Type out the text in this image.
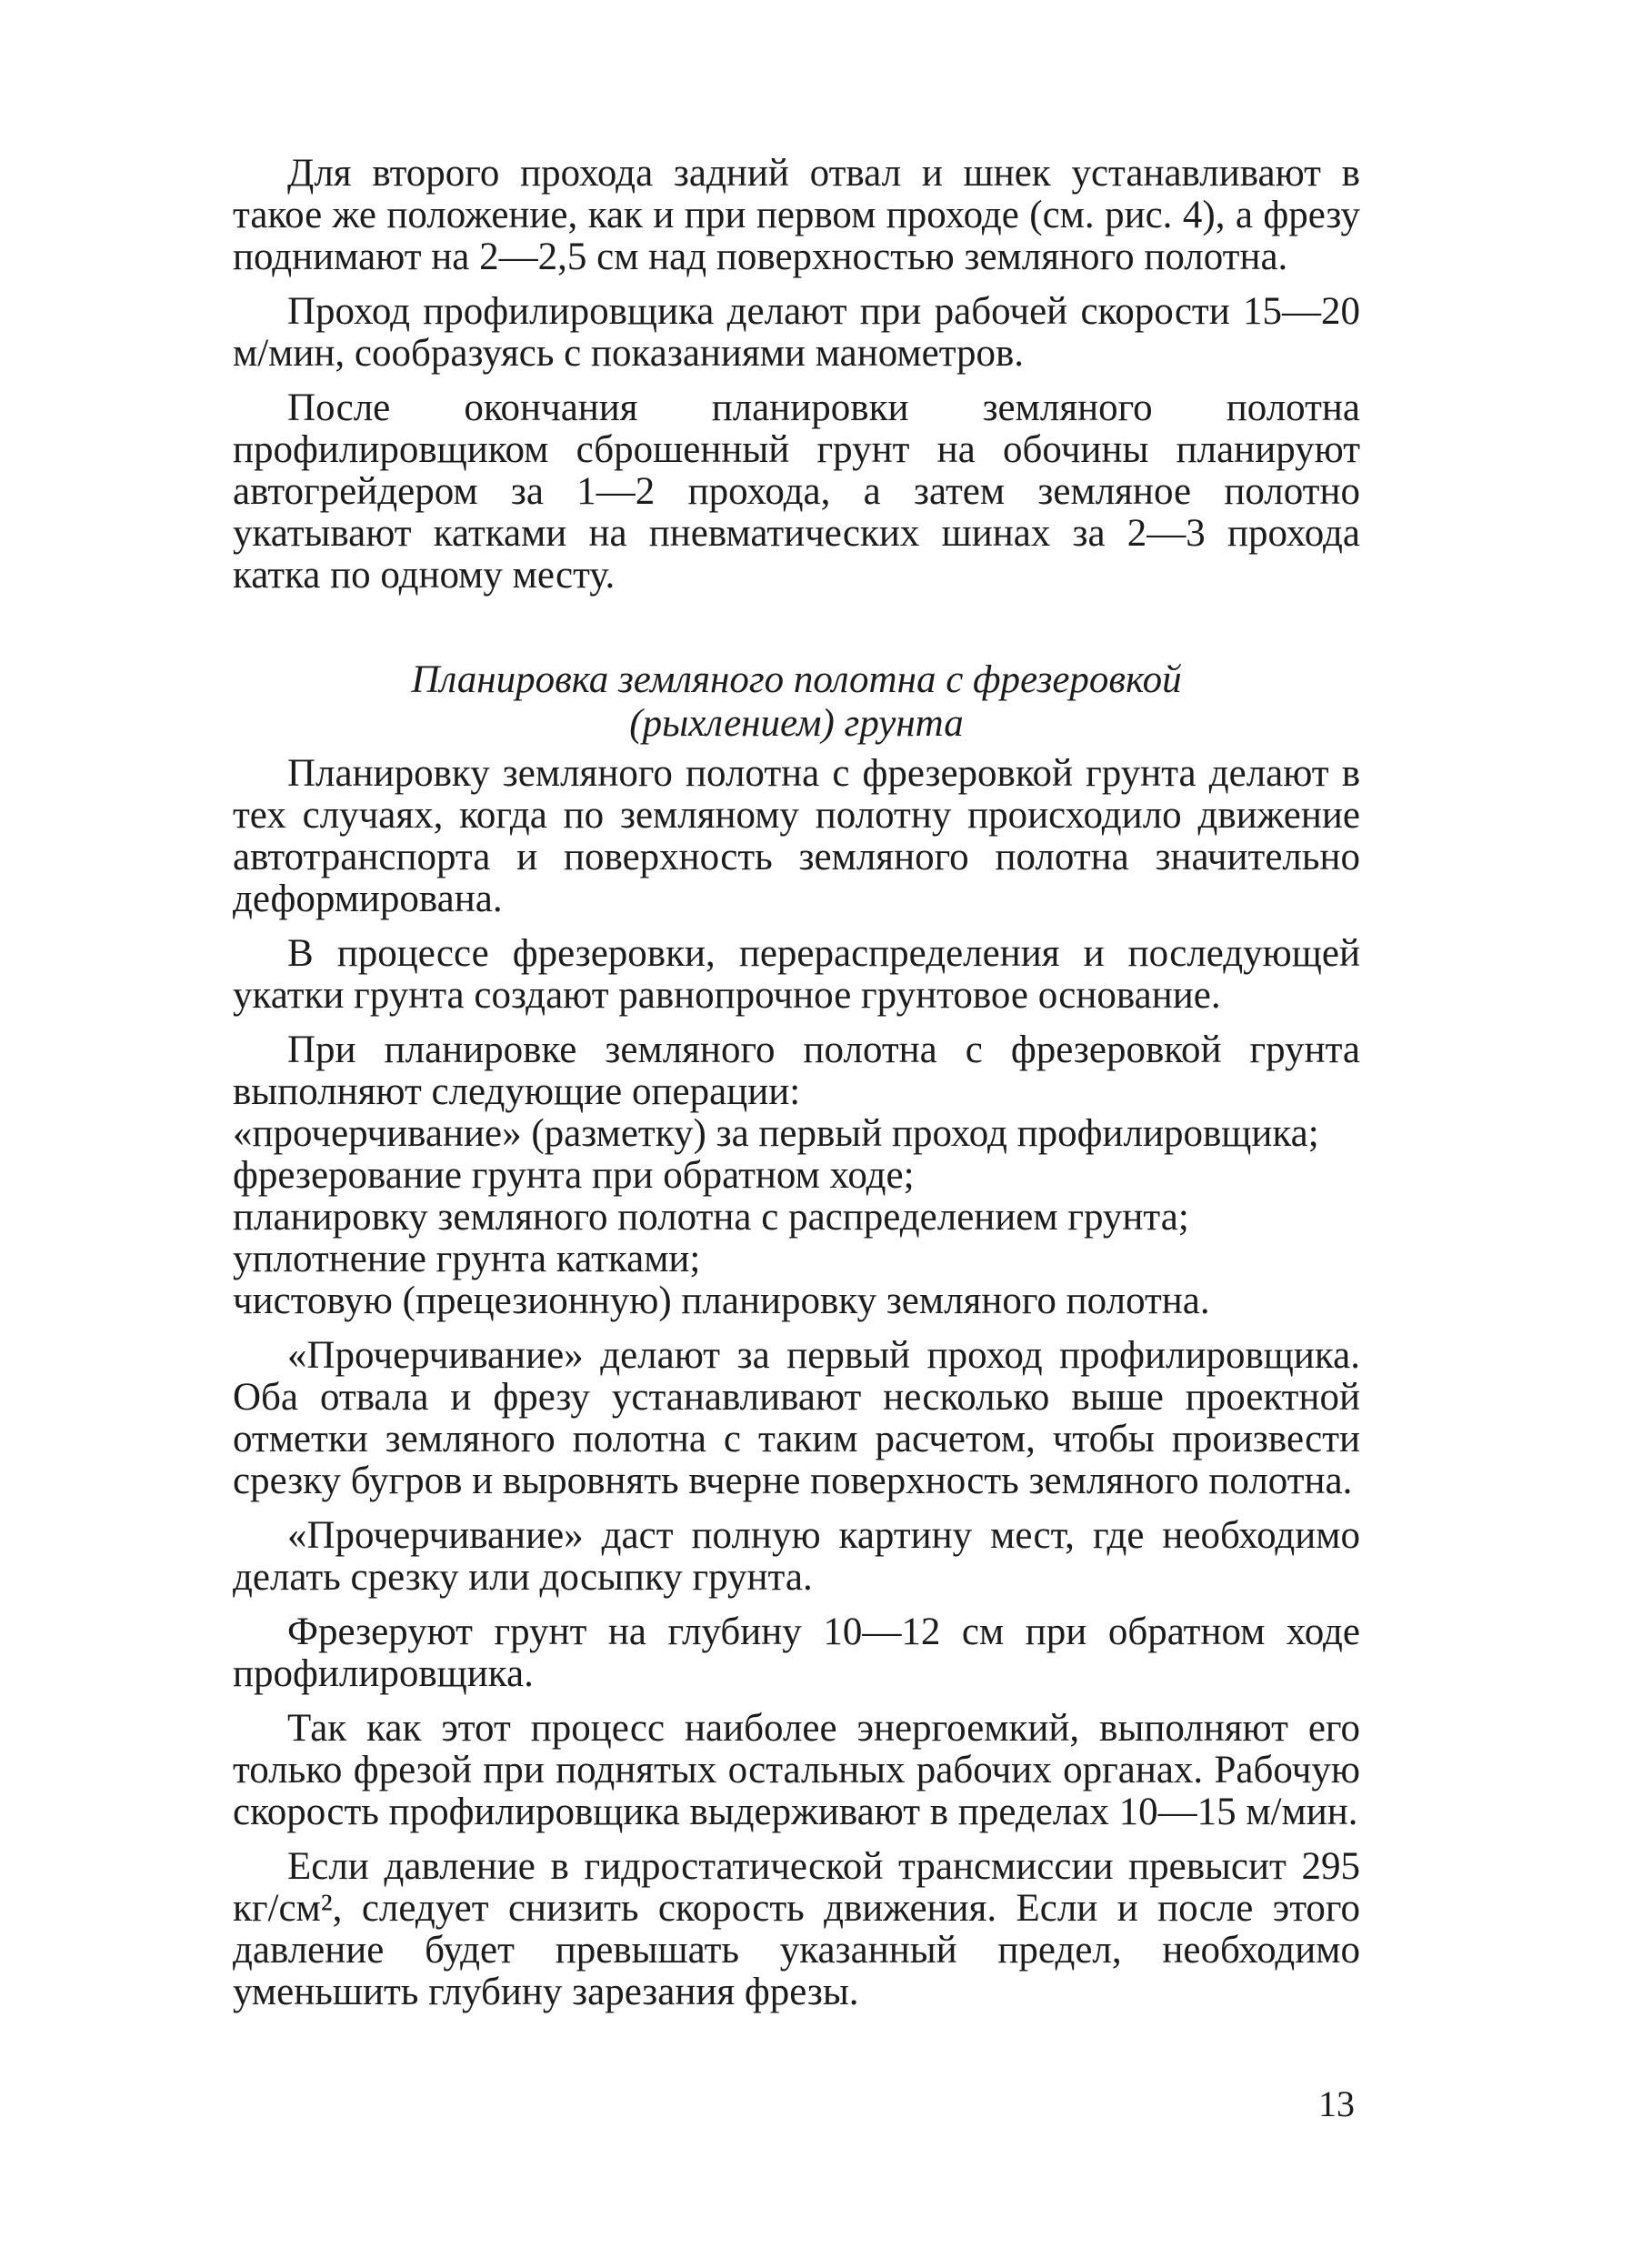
Для второго прохода задний отвал и шнек устанавливают в такое же положение, как и при первом проходе (см. рис. 4), а фрезу поднимают на 2—2,5 см над поверхностью земляного полотна.

Проход профилировщика делают при рабочей скорости 15—20 м/мин, сообразуясь с показаниями манометров.

После окончания планировки земляного полотна профилировщиком сброшенный грунт на обочины планируют автогрейдером за 1—2 прохода, а затем земляное полотно укатывают катками на пневматических шинах за 2—3 прохода катка по одному месту.

Планировка земляного полотна с фрезеровкой
(рыхлением) грунта

Планировку земляного полотна с фрезеровкой грунта делают в тех случаях, когда по земляному полотну происходило движение автотранспорта и поверхность земляного полотна значительно деформирована.

В процессе фрезеровки, перераспределения и последующей укатки грунта создают равнопрочное грунтовое основание.

При планировке земляного полотна с фрезеровкой грунта выполняют следующие операции:

«прочерчивание» (разметку) за первый проход профилировщика;

фрезерование грунта при обратном ходе;

планировку земляного полотна с распределением грунта;

уплотнение грунта катками;

чистовую (прецезионную) планировку земляного полотна.

«Прочерчивание» делают за первый проход профилировщика. Оба отвала и фрезу устанавливают несколько выше проектной отметки земляного полотна с таким расчетом, чтобы произвести срезку бугров и выровнять вчерне поверхность земляного полотна.

«Прочерчивание» даст полную картину мест, где необходимо делать срезку или досыпку грунта.

Фрезеруют грунт на глубину 10—12 см при обратном ходе профилировщика.

Так как этот процесс наиболее энергоемкий, выполняют его только фрезой при поднятых остальных рабочих органах. Рабочую скорость профилировщика выдерживают в пределах 10—15 м/мин.

Если давление в гидростатической трансмиссии превысит 295 кг/см², следует снизить скорость движения. Если и после этого давление будет превышать указанный предел, необходимо уменьшить глубину зарезания фрезы.

13
